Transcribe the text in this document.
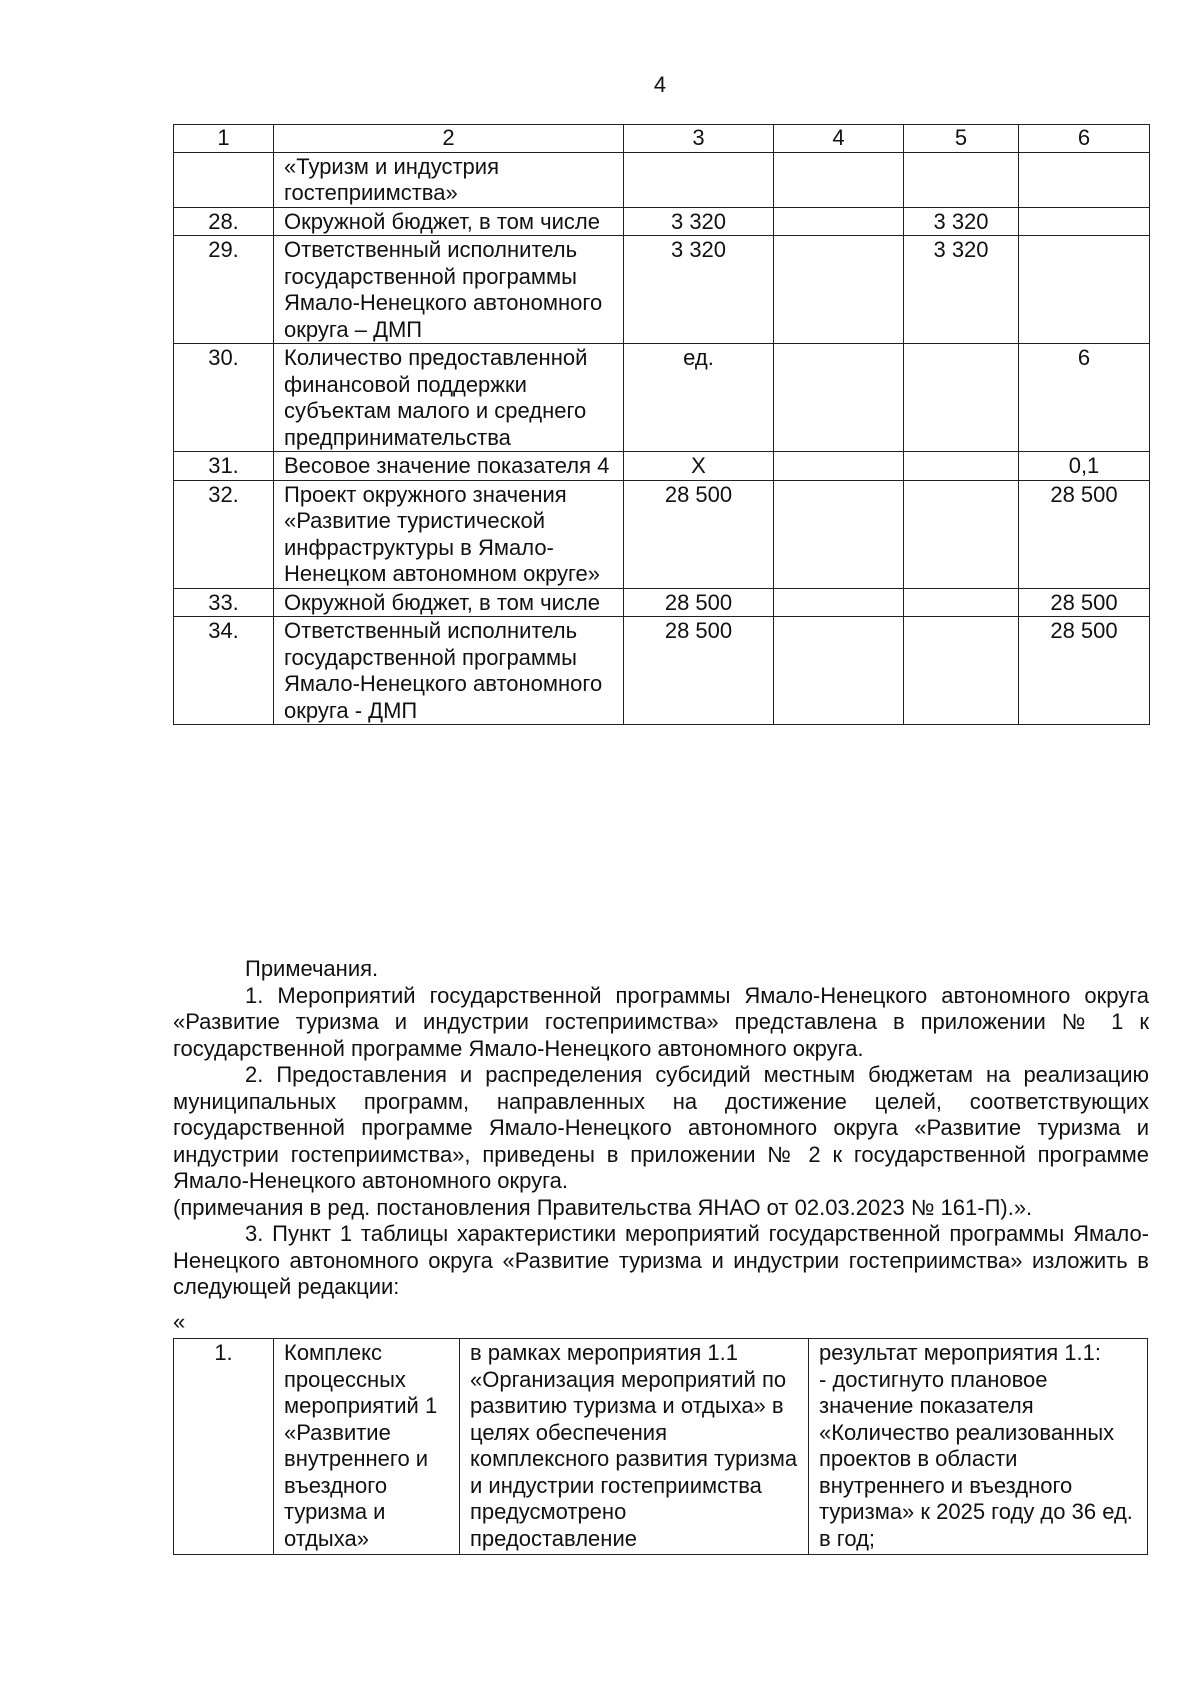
4
1	2	3	4	5	6
	«Туризм и индустрия гостеприимства»				
28.	Окружной бюджет, в том числе	3 320		3 320	
29.	Ответственный исполнитель государственной программы Ямало-Ненецкого автономного округа – ДМП	3 320		3 320	
30.	Количество предоставленной финансовой поддержки субъектам малого и среднего предпринимательства	ед.			6
31.	Весовое значение показателя 4	X			0,1
32.	Проект окружного значения «Развитие туристической инфраструктуры в Ямало-Ненецком автономном округе»	28 500			28 500
33.	Окружной бюджет, в том числе	28 500			28 500
34.	Ответственный исполнитель государственной программы Ямало-Ненецкого автономного округа - ДМП	28 500			28 500

Примечания.

1. Мероприятий государственной программы Ямало-Ненецкого автономного округа «Развитие туризма и индустрии гостеприимства» представлена в приложении № 1 к государственной программе Ямало-Ненецкого автономного округа.

2. Предоставления и распределения субсидий местным бюджетам на реализацию муниципальных программ, направленных на достижение целей, соответствующих государственной программе Ямало-Ненецкого автономного округа «Развитие туризма и индустрии гостеприимства», приведены в приложении № 2 к государственной программе Ямало-Ненецкого автономного округа.

(примечания в ред. постановления Правительства ЯНАО от 02.03.2023 № 161-П).».

3. Пункт 1 таблицы характеристики мероприятий государственной программы Ямало-Ненецкого автономного округа «Развитие туризма и индустрии гостеприимства» изложить в следующей редакции:

«
1.	Комплекс процессных мероприятий 1 «Развитие внутреннего и въездного туризма и отдыха»	в рамках мероприятия 1.1 «Организация мероприятий по развитию туризма и отдыха» в целях обеспечения комплексного развития туризма и индустрии гостеприимства предусмотрено предоставление	результат мероприятия 1.1:
- достигнуто плановое значение показателя «Количество реализованных проектов в области внутреннего и въездного туризма» к 2025 году до 36 ед. в год;
